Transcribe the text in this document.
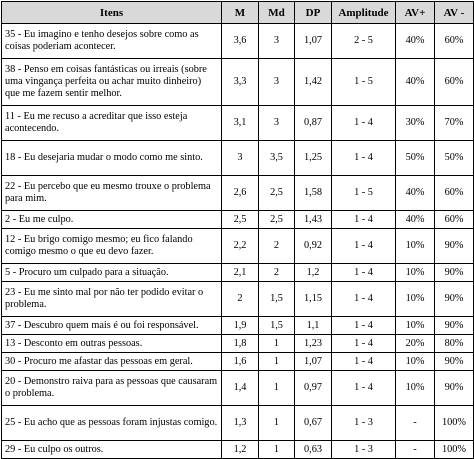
Itens	M	Md	DP	Amplitude	AV+	AV -
35 - Eu imagino e tenho desejos sobre como as coisas poderiam acontecer.	3,6	3	1,07	2 - 5	40%	60%
38 - Penso em coisas fantásticas ou irreais (sobre uma vingança perfeita ou achar muito dinheiro) que me fazem sentir melhor.	3,3	3	1,42	1 - 5	40%	60%
11 - Eu me recuso a acreditar que isso esteja acontecendo.	3,1	3	0,87	1 - 4	30%	70%
18 - Eu desejaria mudar o modo como me sinto.	3	3,5	1,25	1 - 4	50%	50%
22 - Eu percebo que eu mesmo trouxe o problema para mim.	2,6	2,5	1,58	1 - 5	40%	60%
2 - Eu me culpo.	2,5	2,5	1,43	1 - 4	40%	60%
12 - Eu brigo comigo mesmo; eu fico falando comigo mesmo o que eu devo fazer.	2,2	2	0,92	1 - 4	10%	90%
5 - Procuro um culpado para a situação.	2,1	2	1,2	1 - 4	10%	90%
23 - Eu me sinto mal por não ter podido evitar o problema.	2	1,5	1,15	1 - 4	10%	90%
37 - Descubro quem mais é ou foi responsável.	1,9	1,5	1,1	1 - 4	10%	90%
13 - Desconto em outras pessoas.	1,8	1	1,23	1 - 4	20%	80%
30 - Procuro me afastar das pessoas em geral.	1,6	1	1,07	1 - 4	10%	90%
20 - Demonstro raiva para as pessoas que causaram o problema.	1,4	1	0,97	1 - 4	10%	90%
25 - Eu acho que as pessoas foram injustas comigo.	1,3	1	0,67	1 - 3	-	100%
29 - Eu culpo os outros.	1,2	1	0,63	1 - 3	-	100%
